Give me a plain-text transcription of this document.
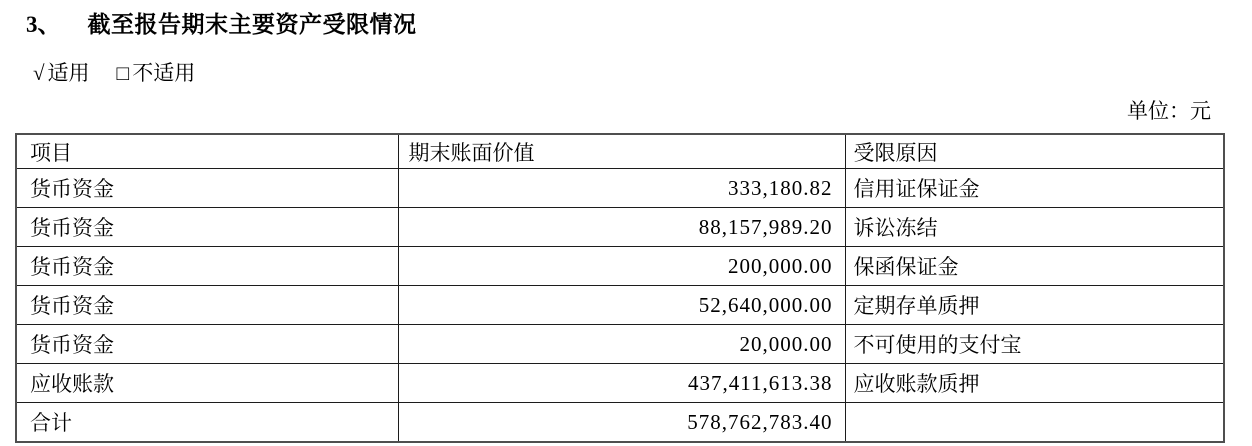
3、 截至报告期末主要资产受限情况
√ 适用 □ 不适用
单位：元
项目	期末账面价值	受限原因
货币资金	333,180.82	信用证保证金
货币资金	88,157,989.20	诉讼冻结
货币资金	200,000.00	保函保证金
货币资金	52,640,000.00	定期存单质押
货币资金	20,000.00	不可使用的支付宝
应收账款	437,411,613.38	应收账款质押
合计	578,762,783.40	
